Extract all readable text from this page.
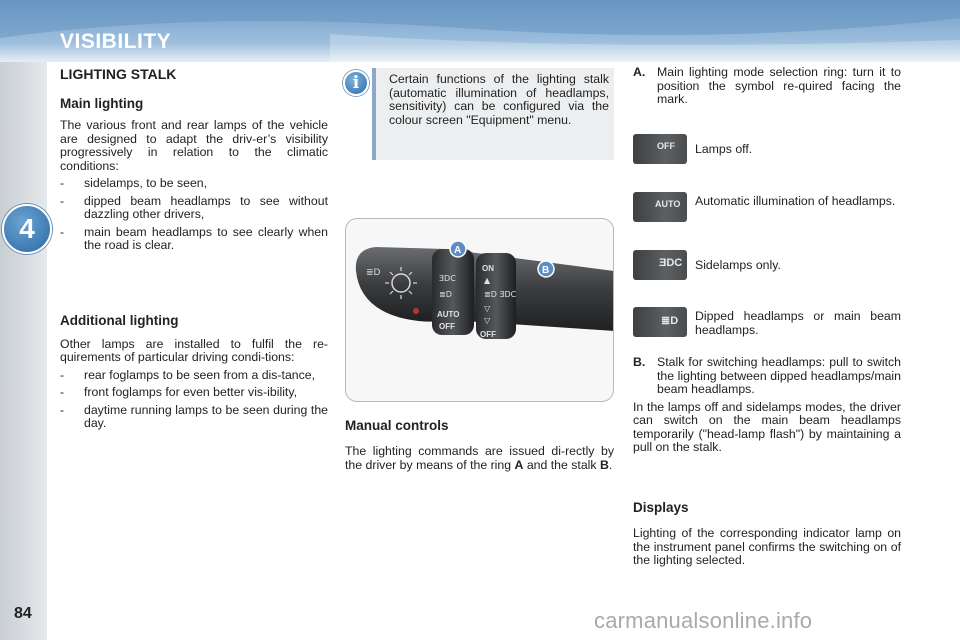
VISIBILITY
4
84
LIGHTING STALK
Main lighting
The various front and rear lamps of the vehicle are designed to adapt the driv-er’s visibility progressively in relation to the climatic conditions:
- sidelamps, to be seen,
- dipped beam headlamps to see without dazzling other drivers,
- main beam headlamps to see clearly when the road is clear.
Additional lighting
Other lamps are installed to fulfil the re-quirements of particular driving condi-tions:
- rear foglamps to be seen from a dis-tance,
- front foglamps for even better vis-ibility,
- daytime running lamps to be seen during the day.
i	Certain functions of the lighting stalk (automatic illumination of headlamps, sensitivity) can be configured via the colour screen "Equipment" menu.
≣D
ƎDC
≣D
AUTO
OFF
ON
▲
≣D ƎDC
▽
▽
OFF
A
B
Manual controls
The lighting commands are issued di-rectly by the driver by means of the ring A and the stalk B.
A. Main lighting mode selection ring: turn it to position the symbol re-quired facing the mark.
OFF Lamps off.
AUTO Automatic illumination of headlamps.
ƎDC Sidelamps only.
≣D Dipped headlamps or main beam headlamps.
B. Stalk for switching headlamps: pull to switch the lighting between dipped headlamps/main beam headlamps.
In the lamps off and sidelamps modes, the driver can switch on the main beam headlamps temporarily ("head-lamp flash") by maintaining a pull on the stalk.
Displays
Lighting of the corresponding indicator lamp on the instrument panel confirms the switching on of the lighting selected.
carmanualsonline.info
